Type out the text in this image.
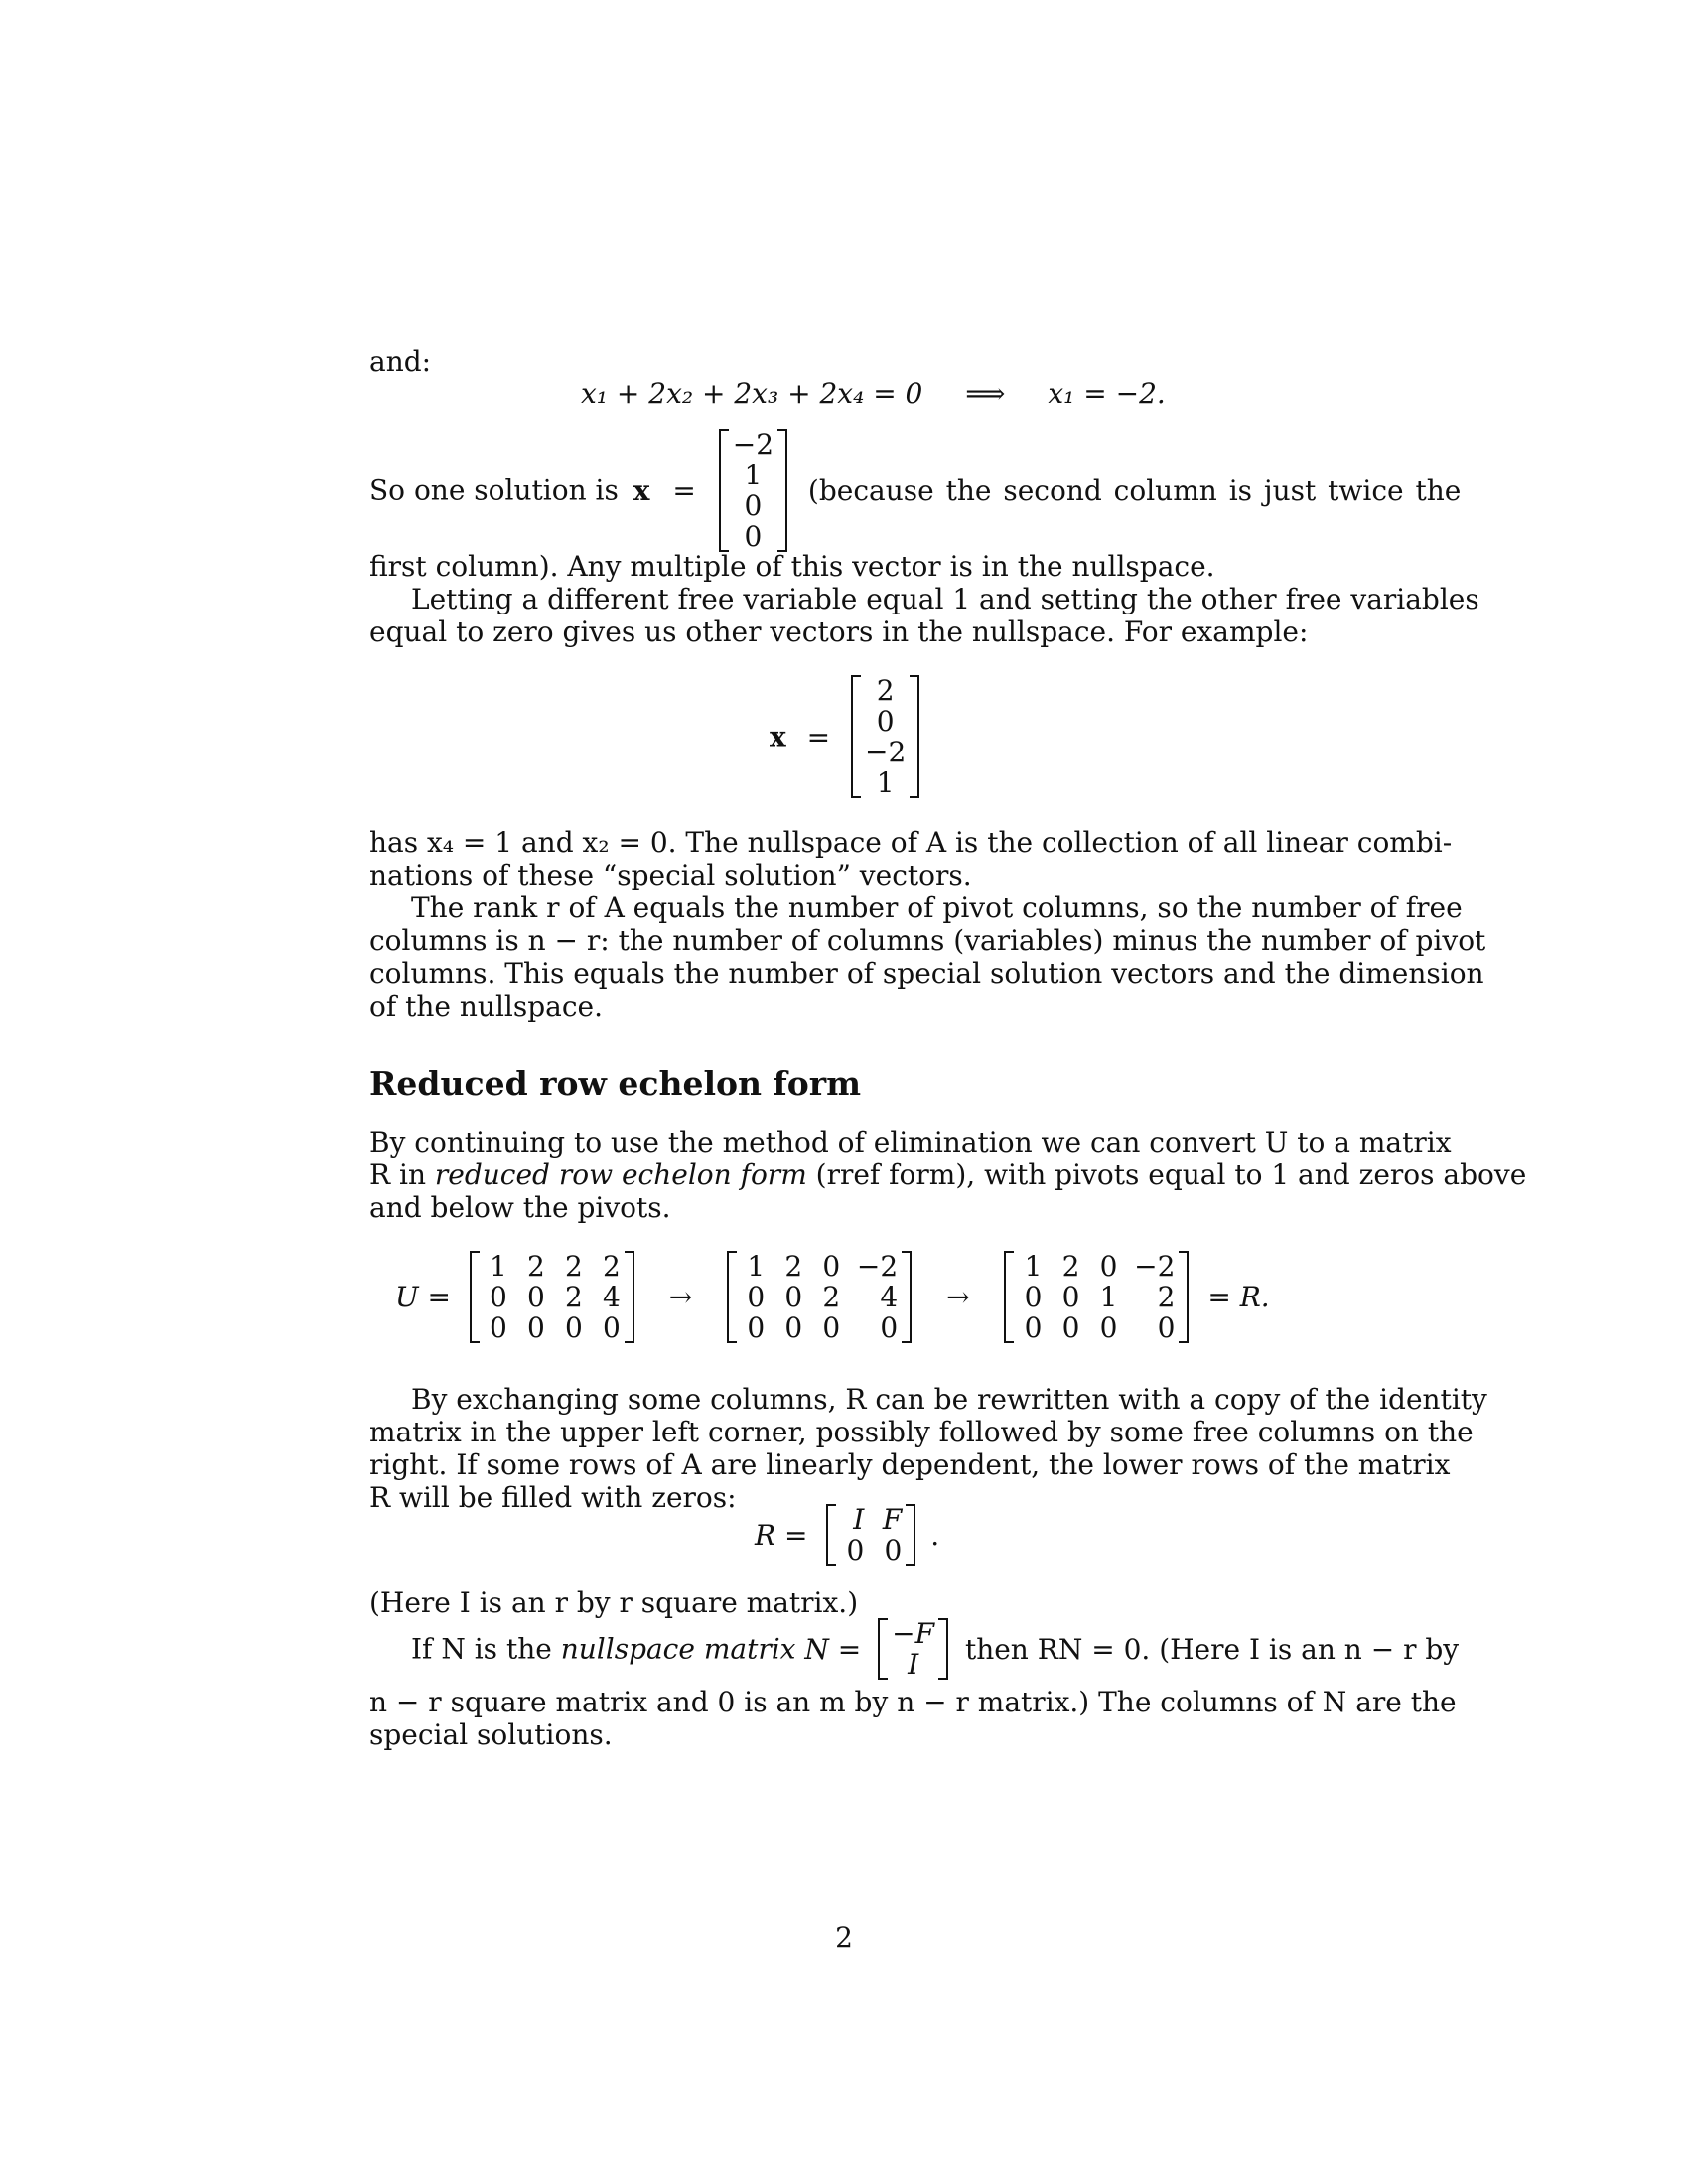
and:
x₁ + 2x₂ + 2x₃ + 2x₄ = 0 ⟹ x₁ = −2.
So one solution is x =
−2
1
0
0
(because the second column is just twice the
first column). Any multiple of this vector is in the nullspace.
Letting a different free variable equal 1 and setting the other free variables
equal to zero gives us other vectors in the nullspace. For example:
x =
2
0
−2
1
has x₄ = 1 and x₂ = 0. The nullspace of A is the collection of all linear combi-
nations of these “special solution” vectors.
The rank r of A equals the number of pivot columns, so the number of free
columns is n − r: the number of columns (variables) minus the number of pivot
columns. This equals the number of special solution vectors and the dimension
of the nullspace.
Reduced row echelon form
By continuing to use the method of elimination we can convert U to a matrix
R in reduced row echelon form (rref form), with pivots equal to 1 and zeros above
and below the pivots.
U =
1 2 2 2
0 0 2 4
0 0 0 0
→
1 2 0 −2
0 0 2	4
0 0 0	0
→
1 2 0 −2
0 0 1	2
0 0 0	0
= R.
By exchanging some columns, R can be rewritten with a copy of the identity
matrix in the upper left corner, possibly followed by some free columns on the
right. If some rows of A are linearly dependent, the lower rows of the matrix
R will be filled with zeros:
R =	I F
0 0 .
(Here I is an r by r square matrix.)
If N is the nullspace matrix N = −F
I then RN = 0. (Here I is an n − r by
n − r square matrix and 0 is an m by n − r matrix.) The columns of N are the
special solutions.
2
